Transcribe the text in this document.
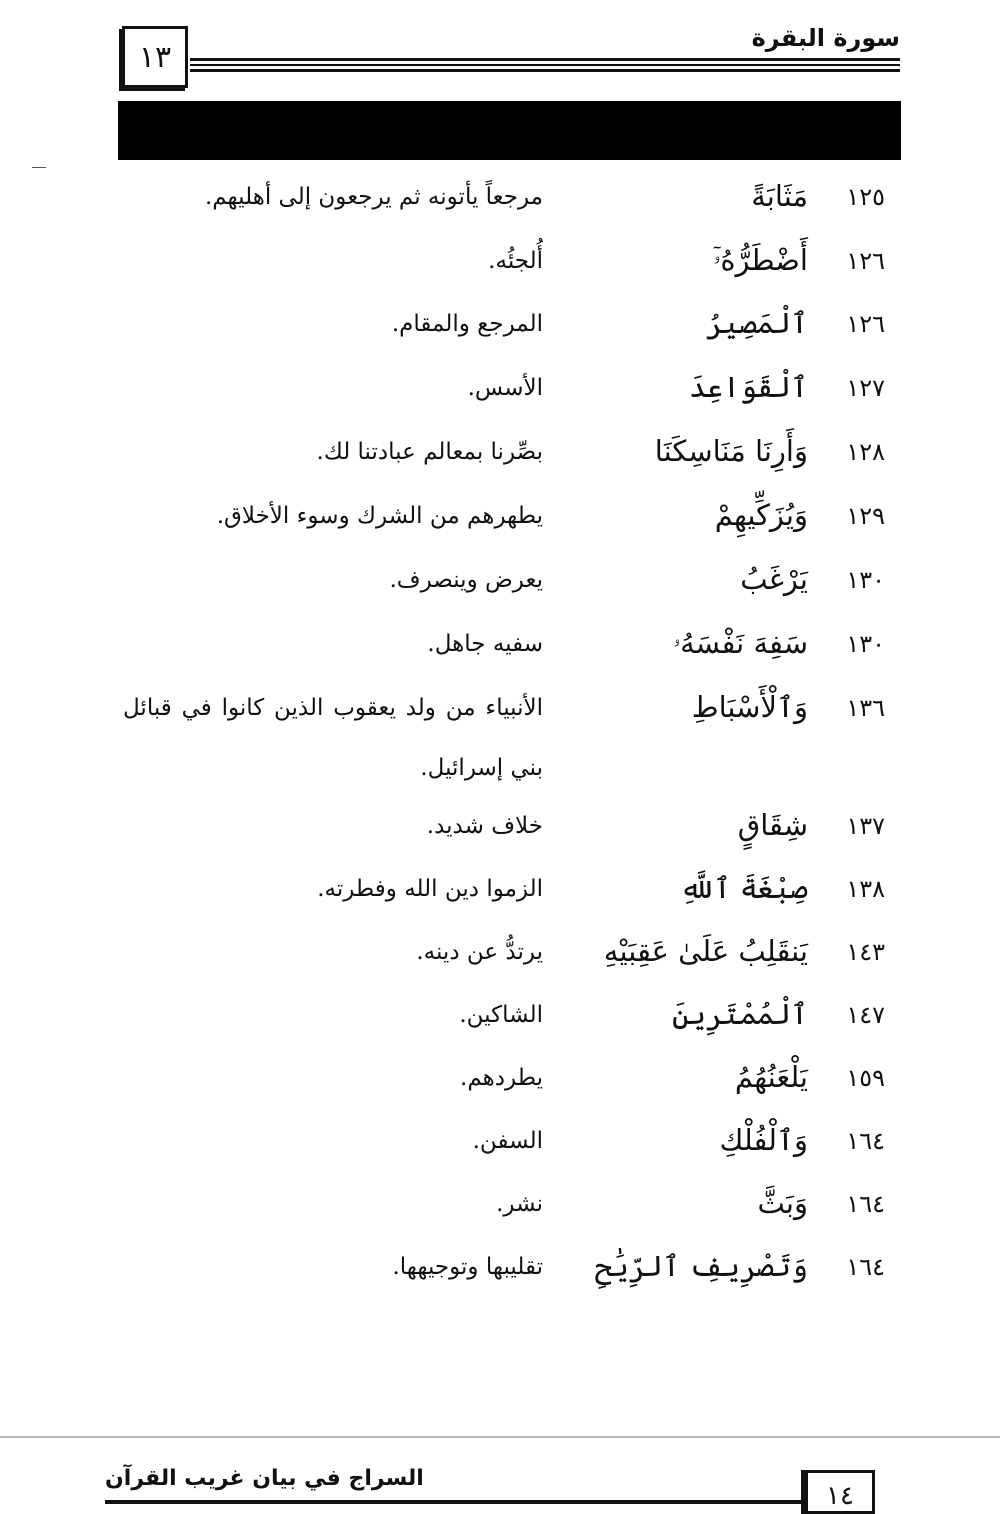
سورة البقرة
١٣
١٢٥
مَثَابَةً
مرجعاً يأتونه ثم يرجعون إلى أهليهم.
١٢٦
أَضْطَرُّهُۥٓ
أُلجئُه.
١٢٦
ٱلْمَصِيرُ
المرجع والمقام.
١٢٧
ٱلْقَوَاعِدَ
الأسس.
١٢٨
وَأَرِنَا مَنَاسِكَنَا
بصِّرنا بمعالم عبادتنا لك.
١٢٩
وَيُزَكِّيهِمْ
يطهرهم من الشرك وسوء الأخلاق.
١٣٠
يَرْغَبُ
يعرض وينصرف.
١٣٠
سَفِهَ نَفْسَهُۥ
سفيه جاهل.
١٣٦
وَٱلْأَسْبَاطِ
الأنبياء من ولد يعقوب الذين كانوا في قبائل بني إسرائيل.
١٣٧
شِقَاقٍ
خلاف شديد.
١٣٨
صِبْغَةَ ٱللَّهِ
الزموا دين الله وفطرته.
١٤٣
يَنقَلِبُ عَلَىٰ عَقِبَيْهِ
يرتدُّ عن دينه.
١٤٧
ٱلْمُمْتَرِينَ
الشاكين.
١٥٩
يَلْعَنُهُمُ
يطردهم.
١٦٤
وَٱلْفُلْكِ
السفن.
١٦٤
وَبَثَّ
نشر.
١٦٤
وَتَصْرِيفِ ٱلرِّيَٰحِ
تقليبها وتوجيهها.
السراج في بيان غريب القرآن
١٤
